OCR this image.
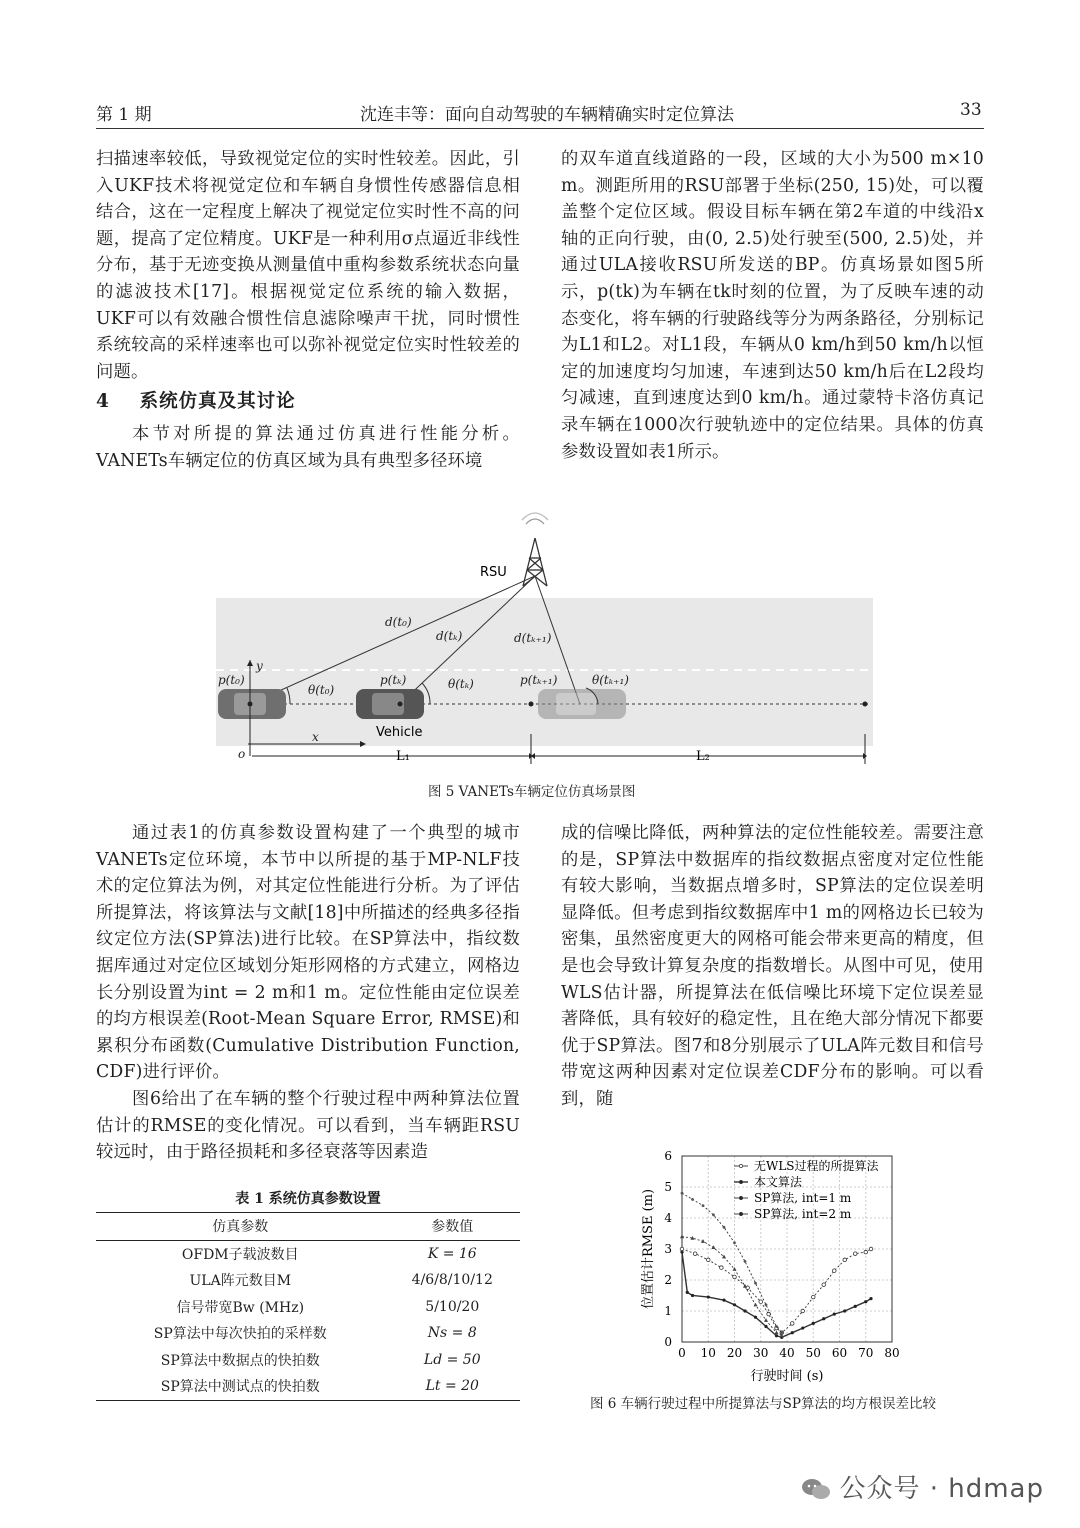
第 1 期	沈连丰等：面向自动驾驶的车辆精确实时定位算法	33

扫描速率较低，导致视觉定位的实时性较差。因此，引入UKF技术将视觉定位和车辆自身惯性传感器信息相结合，这在一定程度上解决了视觉定位实时性不高的问题，提高了定位精度。UKF是一种利用σ点逼近非线性分布，基于无迹变换从测量值中重构参数系统状态向量的滤波技术[17]。根据视觉定位系统的输入数据，UKF可以有效融合惯性信息滤除噪声干扰，同时惯性系统较高的采样速率也可以弥补视觉定位实时性较差的问题。

4 系统仿真及其讨论

本节对所提的算法通过仿真进行性能分析。VANETs车辆定位的仿真区域为具有典型多径环境

的双车道直线道路的一段，区域的大小为500 m×10 m。测距所用的RSU部署于坐标(250, 15)处，可以覆盖整个定位区域。假设目标车辆在第2车道的中线沿x轴的正向行驶，由(0, 2.5)处行驶至(500, 2.5)处，并通过ULA接收RSU所发送的BP。仿真场景如图5所示，p(tk)为车辆在tk时刻的位置，为了反映车速的动态变化，将车辆的行驶路线等分为两条路径，分别标记为L1和L2。对L1段，车辆从0 km/h到50 km/h以恒定的加速度均匀加速，车速到达50 km/h后在L2段均匀减速，直到速度达到0 km/h。通过蒙特卡洛仿真记录车辆在1000次行驶轨迹中的定位结果。具体的仿真参数设置如表1所示。

RSU
d(t₀)
d(tₖ)	d(tₖ₊₁)
p(t₀)	p(tₖ)	p(tₖ₊₁)
θ(t₀)	θ(tₖ)	θ(tₖ₊₁)
y
x
o
Vehicle
L₁	L₂
图 5 VANETs车辆定位仿真场景图

通过表1的仿真参数设置构建了一个典型的城市VANETs定位环境，本节中以所提的基于MP-NLF技术的定位算法为例，对其定位性能进行分析。为了评估所提算法，将该算法与文献[18]中所描述的经典多径指纹定位方法(SP算法)进行比较。在SP算法中，指纹数据库通过对定位区域划分矩形网格的方式建立，网格边长分别设置为int = 2 m和1 m。定位性能由定位误差的均方根误差(Root-Mean Square Error, RMSE)和累积分布函数(Cumulative Distribution Function, CDF)进行评价。

图6给出了在车辆的整个行驶过程中两种算法位置估计的RMSE的变化情况。可以看到，当车辆距RSU较远时，由于路径损耗和多径衰落等因素造

成的信噪比降低，两种算法的定位性能较差。需要注意的是，SP算法中数据库的指纹数据点密度对定位性能有较大影响，当数据点增多时，SP算法的定位误差明显降低。但考虑到指纹数据库中1 m的网格边长已较为密集，虽然密度更大的网格可能会带来更高的精度，但是也会导致计算复杂度的指数增长。从图中可见，使用WLS估计器，所提算法在低信噪比环境下定位误差显著降低，具有较好的稳定性，且在绝大部分情况下都要优于SP算法。图7和8分别展示了ULA阵元数目和信号带宽这两种因素对定位误差CDF分布的影响。可以看到，随

表 1 系统仿真参数设置
仿真参数	参数值
OFDM子载波数目	K = 16
ULA阵元数目M	4/6/8/10/12
信号带宽Bw (MHz)	5/10/20
SP算法中每次快拍的采样数	Ns = 8
SP算法中数据点的快拍数	Ld = 50
SP算法中测试点的快拍数	Lt = 20
0 10 20 30 40 50 60 70 80
0
1
2
3
4
5
6
行驶时间 (s)
位置估计RMSE (m)
无WLS过程的所提算法
本文算法
SP算法, int=1 m
SP算法, int=2 m
图 6 车辆行驶过程中所提算法与SP算法的均方根误差比较
公众号 · hdmap
